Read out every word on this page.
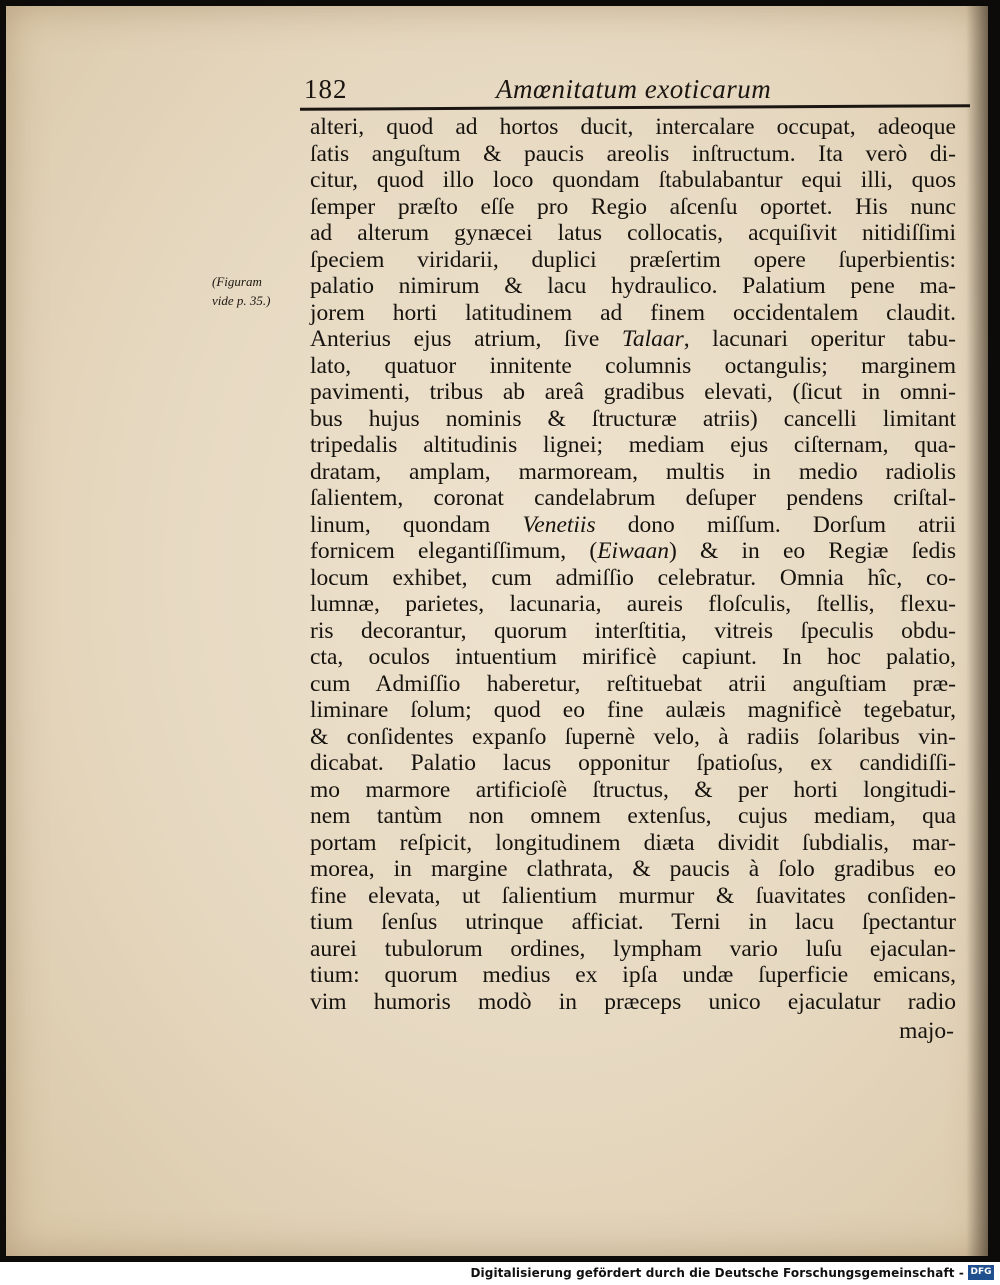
182	Amœnitatum exoticarum
(Figuram
vide p. 35.)
alteri, quod ad hortos ducit, intercalare occupat, adeoque
ſatis anguſtum & paucis areolis inſtructum. Ita verò di-
citur, quod illo loco quondam ſtabulabantur equi illi, quos
ſemper præſto eſſe pro Regio aſcenſu oportet. His nunc
ad alterum gynæcei latus collocatis, acquiſivit nitidiſſimi
ſpeciem viridarii, duplici præſertim opere ſuperbientis:
palatio nimirum & lacu hydraulico. Palatium pene ma-
jorem horti latitudinem ad finem occidentalem claudit.
Anterius ejus atrium, ſive Talaar, lacunari operitur tabu-
lato, quatuor innitente columnis octangulis; marginem
pavimenti, tribus ab areâ gradibus elevati, (ſicut in omni-
bus hujus nominis & ſtructuræ atriis) cancelli limitant
tripedalis altitudinis lignei; mediam ejus ciſternam, qua-
dratam, amplam, marmoream, multis in medio radiolis
ſalientem, coronat candelabrum deſuper pendens criſtal-
linum, quondam Venetiis dono miſſum. Dorſum atrii
fornicem elegantiſſimum, (Eiwaan) & in eo Regiæ ſedis
locum exhibet, cum admiſſio celebratur. Omnia hîc, co-
lumnæ, parietes, lacunaria, aureis floſculis, ſtellis, flexu-
ris decorantur, quorum interſtitia, vitreis ſpeculis obdu-
cta, oculos intuentium mirificè capiunt. In hoc palatio,
cum Admiſſio haberetur, reſtituebat atrii anguſtiam præ-
liminare ſolum; quod eo fine aulæis magnificè tegebatur,
& conſidentes expanſo ſupernè velo, à radiis ſolaribus vin-
dicabat. Palatio lacus opponitur ſpatioſus, ex candidiſſi-
mo marmore artificioſè ſtructus, & per horti longitudi-
nem tantùm non omnem extenſus, cujus mediam, qua
portam reſpicit, longitudinem diæta dividit ſubdialis, mar-
morea, in margine clathrata, & paucis à ſolo gradibus eo
fine elevata, ut ſalientium murmur & ſuavitates conſiden-
tium ſenſus utrinque afficiat. Terni in lacu ſpectantur
aurei tubulorum ordines, lympham vario luſu ejaculan-
tium: quorum medius ex ipſa undæ ſuperficie emicans,
vim humoris modò in præceps unico ejaculatur radio
majo-
Digitalisierung gefördert durch die Deutsche Forschungsgemeinschaft - DFG
